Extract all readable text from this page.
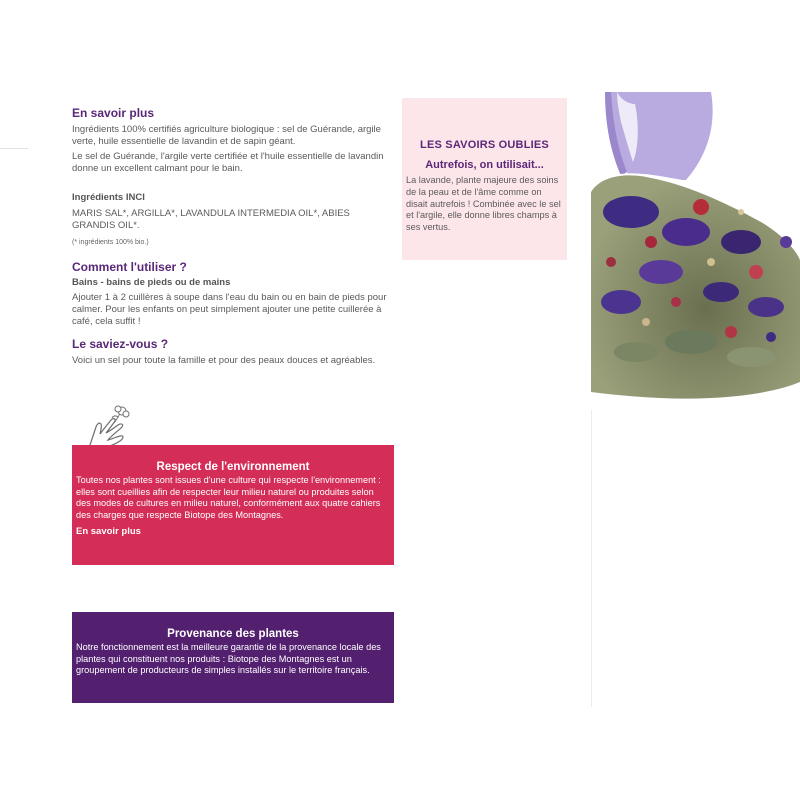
En savoir plus

Ingrédients 100% certifiés agriculture biologique : sel de Guérande, argile verte, huile essentielle de lavandin et de sapin géant.

Le sel de Guérande, l'argile verte certifiée et l'huile essentielle de lavandin donne un excellent calmant pour le bain.

Ingrédients INCI

MARIS SAL*, ARGILLA*, LAVANDULA INTERMEDIA OIL*, ABIES GRANDIS OIL*.

(* ingrédients 100% bio.)

Comment l'utiliser ?
Bains - bains de pieds ou de mains

Ajouter 1 à 2 cuillères à soupe dans l'eau du bain ou en bain de pieds pour calmer. Pour les enfants on peut simplement ajouter une petite cuillerée à café, cela suffit !

Le saviez-vous ?

Voici un sel pour toute la famille et pour des peaux douces et agréables.

Respect de l'environnement
Toutes nos plantes sont issues d'une culture qui respecte l'environnement : elles sont cueillies afin de respecter leur milieu naturel ou produites selon des modes de cultures en milieu naturel, conformément aux quatre cahiers des charges que respecte Biotope des Montagnes.
En savoir plus
Provenance des plantes
Notre fonctionnement est la meilleure garantie de la provenance locale des plantes qui constituent nos produits : Biotope des Montagnes est un groupement de producteurs de simples installés sur le territoire français.
LES SAVOIRS OUBLIES
Autrefois, on utilisait...
La lavande, plante majeure des soins de la peau et de l'âme comme on disait autrefois ! Combinée avec le sel et l'argile, elle donne libres champs à ses vertus.
